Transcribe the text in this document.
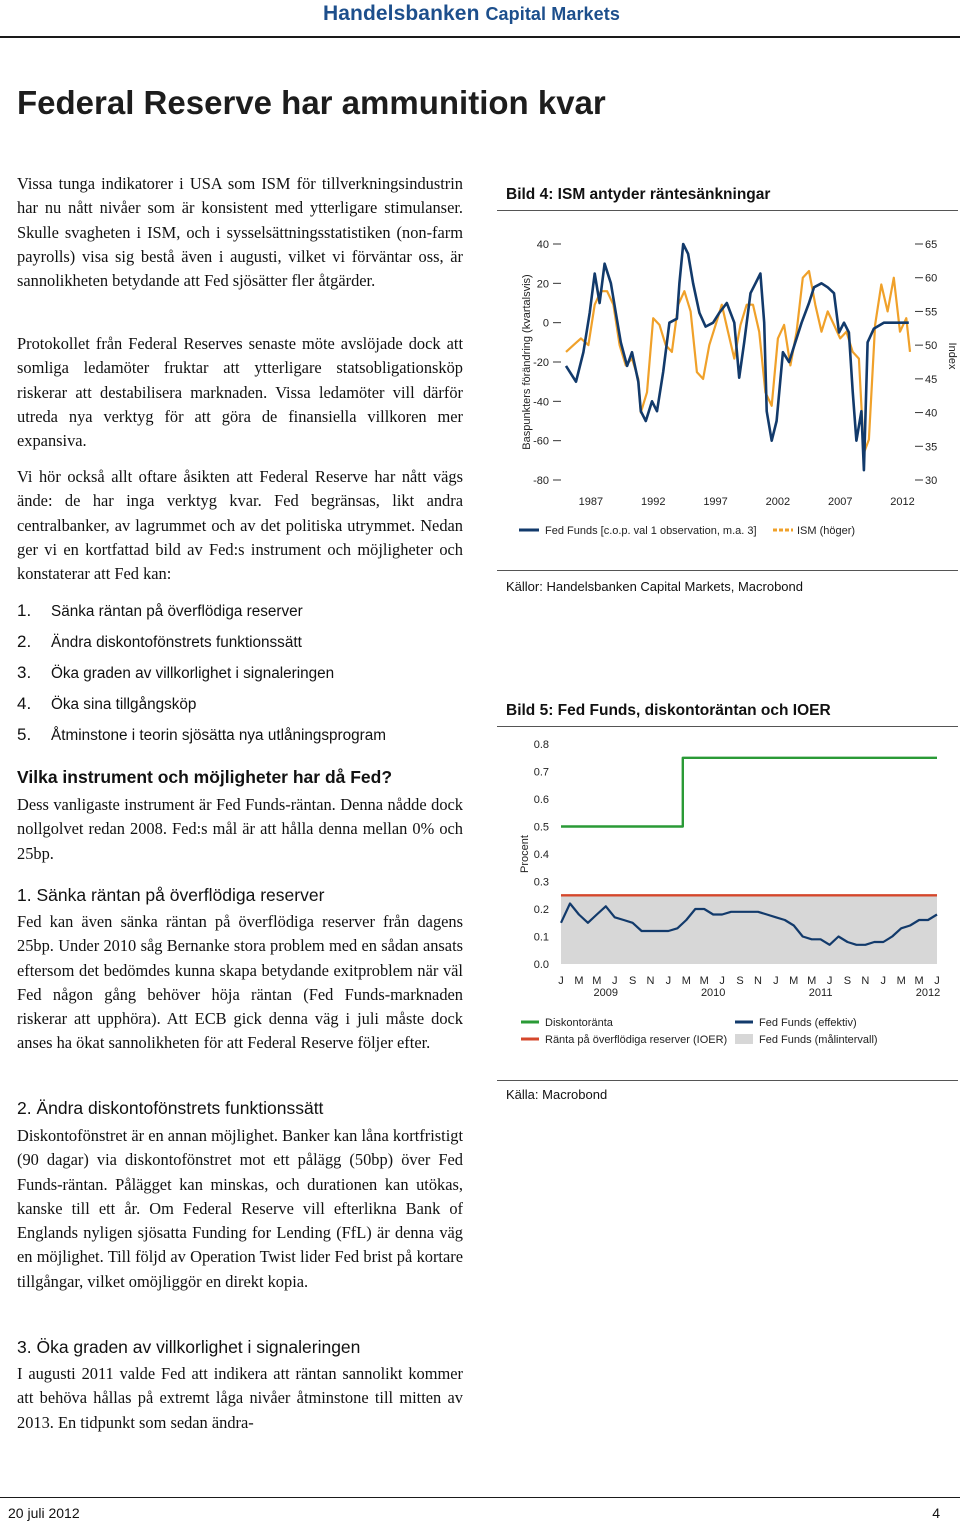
Handelsbanken Capital Markets
Federal Reserve har ammunition kvar

Vissa tunga indikatorer i USA som ISM för tillverkningsindustrin har nu nått nivåer som är konsistent med ytterligare stimulanser. Skulle svagheten i ISM, och i sysselsättningsstatistiken (non-farm payrolls) visa sig bestå även i augusti, vilket vi förväntar oss, är sannolikheten betydande att Fed sjösätter fler åtgärder.

Protokollet från Federal Reserves senaste möte avslöjade dock att somliga ledamöter fruktar att ytterligare statsobligationsköp riskerar att destabilisera marknaden. Vissa ledamöter vill därför utreda nya verktyg för att göra de finansiella villkoren mer expansiva.

Vi hör också allt oftare åsikten att Federal Reserve har nått vägs ände: de har inga verktyg kvar. Fed begränsas, likt andra centralbanker, av lagrummet och av det politiska utrymmet. Nedan ger vi en kortfattad bild av Fed:s instrument och möjligheter och konstaterar att Fed kan:

1. Sänka räntan på överflödiga reserver
2. Ändra diskontofönstrets funktionssätt
3. Öka graden av villkorlighet i signaleringen
4. Öka sina tillgångsköp
5. Åtminstone i teorin sjösätta nya utlåningsprogram
Vilka instrument och möjligheter har då Fed?

Dess vanligaste instrument är Fed Funds-räntan. Denna nådde dock nollgolvet redan 2008. Fed:s mål är att hålla denna mellan 0% och 25bp.

1. Sänka räntan på överflödiga reserver

Fed kan även sänka räntan på överflödiga reserver från dagens 25bp. Under 2010 såg Bernanke stora problem med en sådan ansats eftersom det bedömdes kunna skapa betydande exitproblem när väl Fed någon gång behöver höja räntan (Fed Funds-marknaden riskerar att upphöra). Att ECB gick denna väg i juli måste dock anses ha ökat sannolikheten för att Federal Reserve följer efter.

2. Ändra diskontofönstrets funktionssätt

Diskontofönstret är en annan möjlighet. Banker kan låna kortfristigt (90 dagar) via diskontofönstret mot ett pålägg (50bp) över Fed Funds-räntan. Pålägget kan minskas, och durationen kan utökas, kanske till ett år. Om Federal Reserve vill efterlikna Bank of Englands nyligen sjösatta Funding for Lending (FfL) är denna väg en möjlighet. Till följd av Operation Twist lider Fed brist på kortare tillgångar, vilket omöjliggör en direkt kopia.

3. Öka graden av villkorlighet i signaleringen

I augusti 2011 valde Fed att indikera att räntan sannolikt kommer att behöva hållas på extremt låga nivåer åtminstone till mitten av 2013. En tidpunkt som sedan ändra-

Bild 4: ISM antyder räntesänkningar
40
20
0
-20
-40
-60
-80
65
60
55
50
45
40
35
30
1987	1992	1997	2002	2007	2012
Baspunkters förändring (kvartalsvis)	Index
Fed Funds [c.o.p. val 1 observation, m.a. 3]	ISM (höger)
Källor: Handelsbanken Capital Markets, Macrobond
Bild 5: Fed Funds, diskontoräntan och IOER
0.8
0.7
0.6
0.5
0.4
0.3
0.2
0.1
0.0
Procent
J M M J S N J M M J S N J M M J S N J M M J
2009	2010	2011	2012
Diskontoränta	Fed Funds (effektiv)
Ränta på överflödiga reserver (IOER)	Fed Funds (målintervall)
Källa: Macrobond
20 juli 2012	4
